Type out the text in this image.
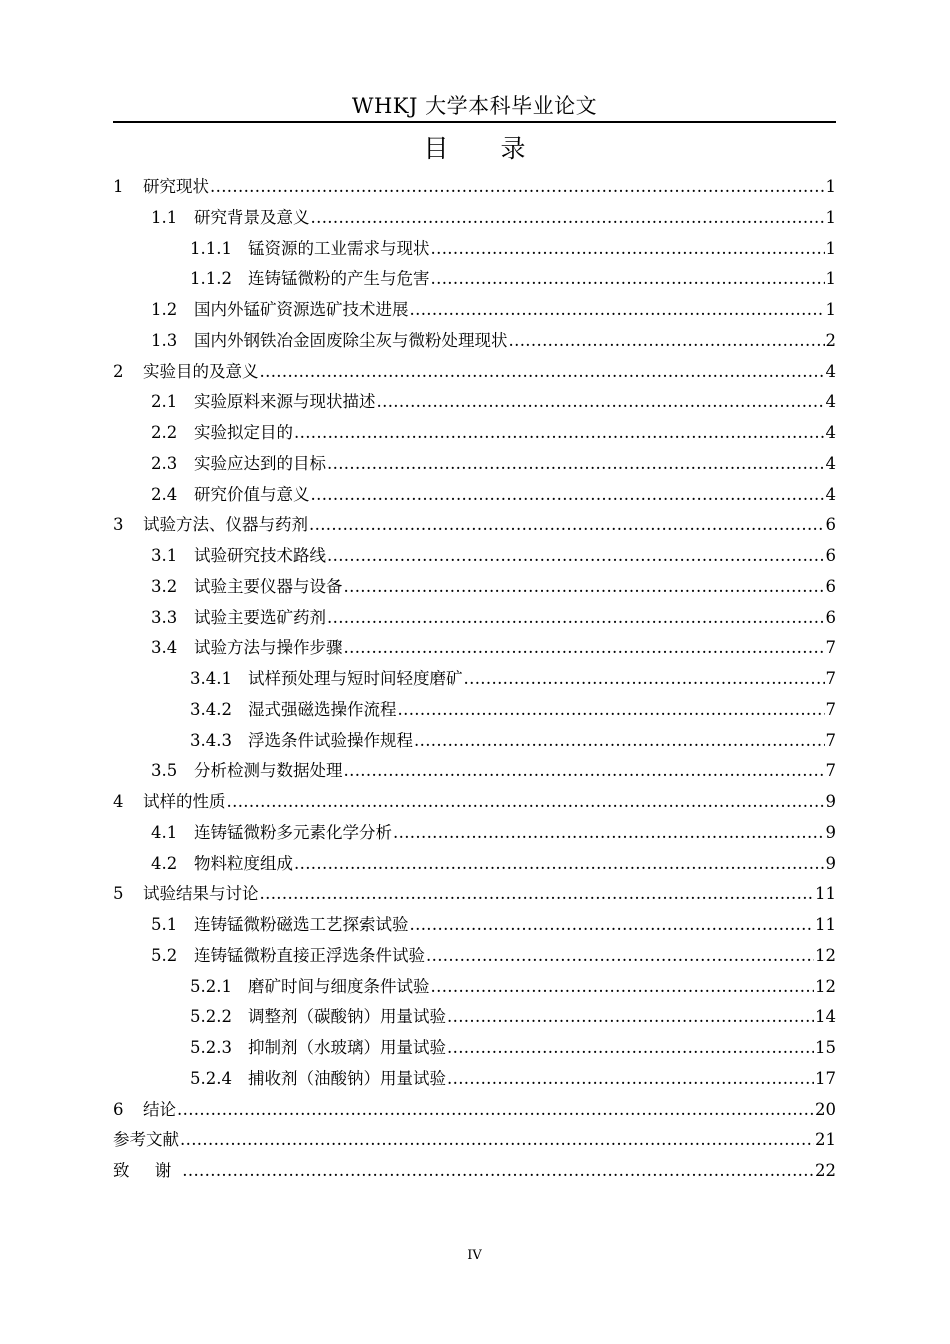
WHKJ 大学本科毕业论文
目 录
1	研究现状 .....	1
1.1	研究背景及意义 .....	1
1.1.1 锰资源的工业需求与现状 .....	1
1.1.2 连铸锰微粉的产生与危害 .....	1
1.2	国内外锰矿资源选矿技术进展 .....	1
1.3	国内外钢铁冶金固废除尘灰与微粉处理现状 .....	2
2	实验目的及意义 .....	4
2.1	实验原料来源与现状描述 .....	4
2.2	实验拟定目的 .....	4
2.3	实验应达到的目标 .....	4
2.4	研究价值与意义 .....	4
3	试验方法、仪器与药剂 .....	6
3.1	试验研究技术路线 .....	6
3.2	试验主要仪器与设备 .....	6
3.3	试验主要选矿药剂 .....	6
3.4	试验方法与操作步骤 .....	7
3.4.1 试样预处理与短时间轻度磨矿 .....	7
3.4.2 湿式强磁选操作流程 .....	7
3.4.3 浮选条件试验操作规程 .....	7
3.5	分析检测与数据处理 .....	7
4	试样的性质 .....	9
4.1	连铸锰微粉多元素化学分析 .....	9
4.2	物料粒度组成 .....	9
5	试验结果与讨论 .....	11
5.1	连铸锰微粉磁选工艺探索试验 .....	11
5.2	连铸锰微粉直接正浮选条件试验 .....	12
5.2.1 磨矿时间与细度条件试验 .....	12
5.2.2 调整剂（碳酸钠）用量试验 .....	14
5.2.3 抑制剂（水玻璃）用量试验 .....	15
5.2.4 捕收剂（油酸钠）用量试验 .....	17
6	结论 .....	20
参考文献 .....	21
致 谢 .....	22
IV
